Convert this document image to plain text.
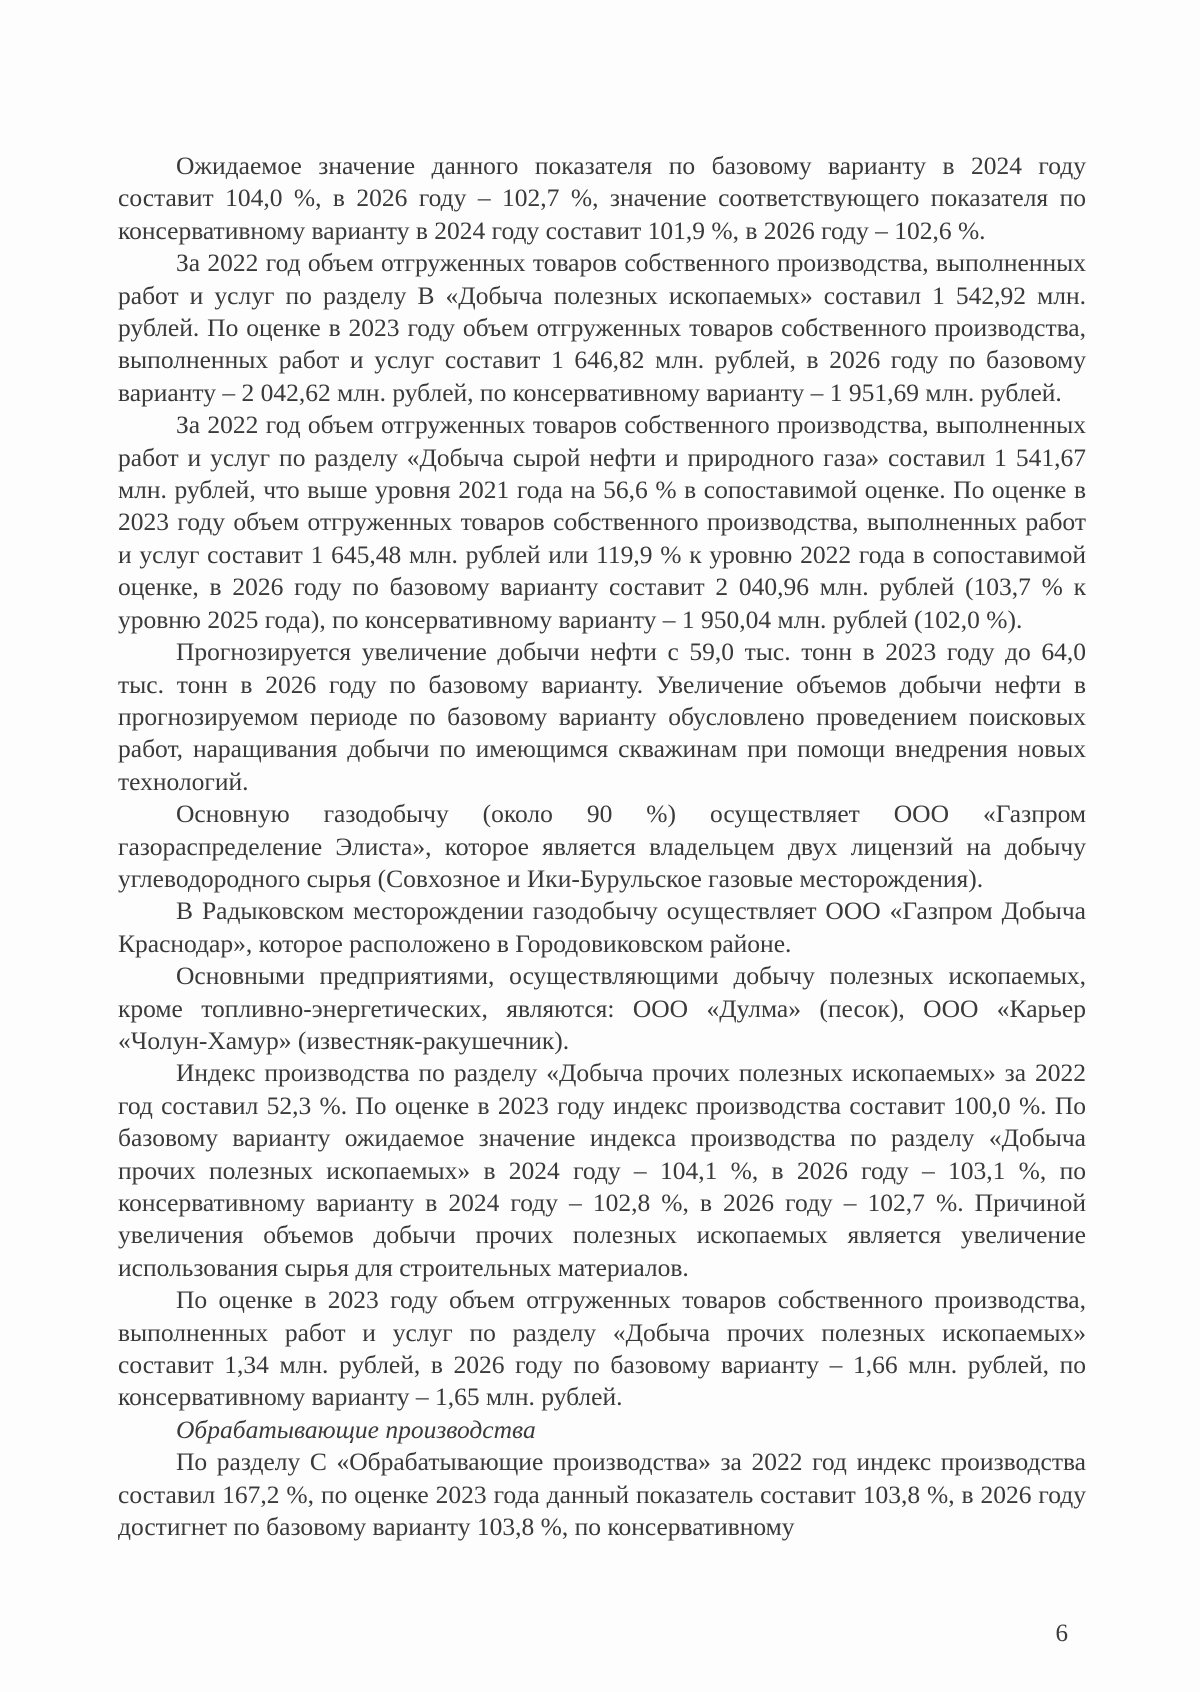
Ожидаемое значение данного показателя по базовому варианту в 2024 году составит 104,0 %, в 2026 году – 102,7 %, значение соответствующего показателя по консервативному варианту в 2024 году составит 101,9 %, в 2026 году – 102,6 %.

За 2022 год объем отгруженных товаров собственного производства, выполненных работ и услуг по разделу B «Добыча полезных ископаемых» составил 1 542,92 млн. рублей. По оценке в 2023 году объем отгруженных товаров собственного производства, выполненных работ и услуг составит 1 646,82 млн. рублей, в 2026 году по базовому варианту – 2 042,62 млн. рублей, по консервативному варианту – 1 951,69 млн. рублей.

За 2022 год объем отгруженных товаров собственного производства, выполненных работ и услуг по разделу «Добыча сырой нефти и природного газа» составил 1 541,67 млн. рублей, что выше уровня 2021 года на 56,6 % в сопоставимой оценке. По оценке в 2023 году объем отгруженных товаров собственного производства, выполненных работ и услуг составит 1 645,48 млн. рублей или 119,9 % к уровню 2022 года в сопоставимой оценке, в 2026 году по базовому варианту составит 2 040,96 млн. рублей (103,7 % к уровню 2025 года), по консервативному варианту – 1 950,04 млн. рублей (102,0 %).

Прогнозируется увеличение добычи нефти с 59,0 тыс. тонн в 2023 году до 64,0 тыс. тонн в 2026 году по базовому варианту. Увеличение объемов добычи нефти в прогнозируемом периоде по базовому варианту обусловлено проведением поисковых работ, наращивания добычи по имеющимся скважинам при помощи внедрения новых технологий.

Основную газодобычу (около 90 %) осуществляет ООО «Газпром газораспределение Элиста», которое является владельцем двух лицензий на добычу углеводородного сырья (Совхозное и Ики-Бурульское газовые месторождения).

В Радыковском месторождении газодобычу осуществляет ООО «Газпром Добыча Краснодар», которое расположено в Городовиковском районе.

Основными предприятиями, осуществляющими добычу полезных ископаемых, кроме топливно-энергетических, являются: ООО «Дулма» (песок), ООО «Карьер «Чолун-Хамур» (известняк-ракушечник).

Индекс производства по разделу «Добыча прочих полезных ископаемых» за 2022 год составил 52,3 %. По оценке в 2023 году индекс производства составит 100,0 %. По базовому варианту ожидаемое значение индекса производства по разделу «Добыча прочих полезных ископаемых» в 2024 году – 104,1 %, в 2026 году – 103,1 %, по консервативному варианту в 2024 году – 102,8 %, в 2026 году – 102,7 %. Причиной увеличения объемов добычи прочих полезных ископаемых является увеличение использования сырья для строительных материалов.

По оценке в 2023 году объем отгруженных товаров собственного производства, выполненных работ и услуг по разделу «Добыча прочих полезных ископаемых» составит 1,34 млн. рублей, в 2026 году по базовому варианту – 1,66 млн. рублей, по консервативному варианту – 1,65 млн. рублей.

Обрабатывающие производства

По разделу С «Обрабатывающие производства» за 2022 год индекс производства составил 167,2 %, по оценке 2023 года данный показатель составит 103,8 %, в 2026 году достигнет по базовому варианту 103,8 %, по консервативному

6
